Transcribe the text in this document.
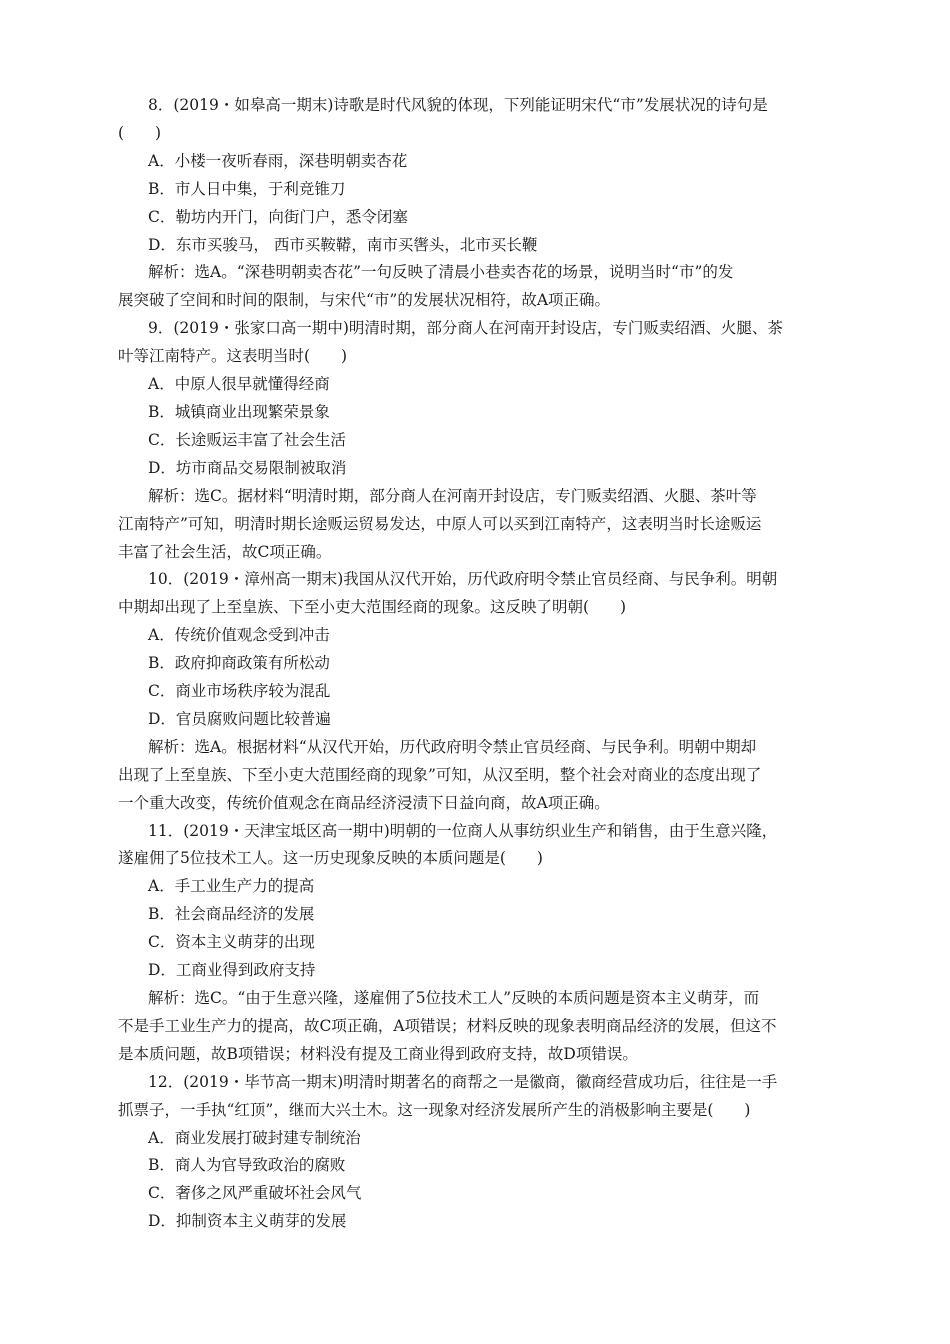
8．(2019・如皋高一期末)诗歌是时代风貌的体现，下列能证明宋代“市”发展状况的诗句是
(　　)
A．小楼一夜听春雨，深巷明朝卖杏花
B．市人日中集，于利竞锥刀
C．勒坊内开门，向街门户，悉令闭塞
D．东市买骏马， 西市买鞍鞯，南市买辔头，北市买长鞭
解析：选A。“深巷明朝卖杏花”一句反映了清晨小巷卖杏花的场景，说明当时“市”的发
展突破了空间和时间的限制，与宋代“市”的发展状况相符，故A项正确。
9．(2019・张家口高一期中)明清时期，部分商人在河南开封设店，专门贩卖绍酒、火腿、茶
叶等江南特产。这表明当时(　　)
A．中原人很早就懂得经商
B．城镇商业出现繁荣景象
C．长途贩运丰富了社会生活
D．坊市商品交易限制被取消
解析：选C。据材料“明清时期，部分商人在河南开封设店，专门贩卖绍酒、火腿、茶叶等
江南特产”可知，明清时期长途贩运贸易发达，中原人可以买到江南特产，这表明当时长途贩运
丰富了社会生活，故C项正确。
10．(2019・漳州高一期末)我国从汉代开始，历代政府明令禁止官员经商、与民争利。明朝
中期却出现了上至皇族、下至小吏大范围经商的现象。这反映了明朝(　　)
A．传统价值观念受到冲击
B．政府抑商政策有所松动
C．商业市场秩序较为混乱
D．官员腐败问题比较普遍
解析：选A。根据材料“从汉代开始，历代政府明令禁止官员经商、与民争利。明朝中期却
出现了上至皇族、下至小吏大范围经商的现象”可知，从汉至明，整个社会对商业的态度出现了
一个重大改变，传统价值观念在商品经济浸渍下日益向商，故A项正确。
11．(2019・天津宝坻区高一期中)明朝的一位商人从事纺织业生产和销售，由于生意兴隆，
遂雇佣了5位技术工人。这一历史现象反映的本质问题是(　　)
A．手工业生产力的提高
B．社会商品经济的发展
C．资本主义萌芽的出现
D．工商业得到政府支持
解析：选C。“由于生意兴隆，遂雇佣了5位技术工人”反映的本质问题是资本主义萌芽，而
不是手工业生产力的提高，故C项正确，A项错误；材料反映的现象表明商品经济的发展，但这不
是本质问题，故B项错误；材料没有提及工商业得到政府支持，故D项错误。
12．(2019・毕节高一期末)明清时期著名的商帮之一是徽商，徽商经营成功后，往往是一手
抓票子，一手执“红顶”，继而大兴土木。这一现象对经济发展所产生的消极影响主要是(　　)
A．商业发展打破封建专制统治
B．商人为官导致政治的腐败
C．奢侈之风严重破坏社会风气
D．抑制资本主义萌芽的发展
